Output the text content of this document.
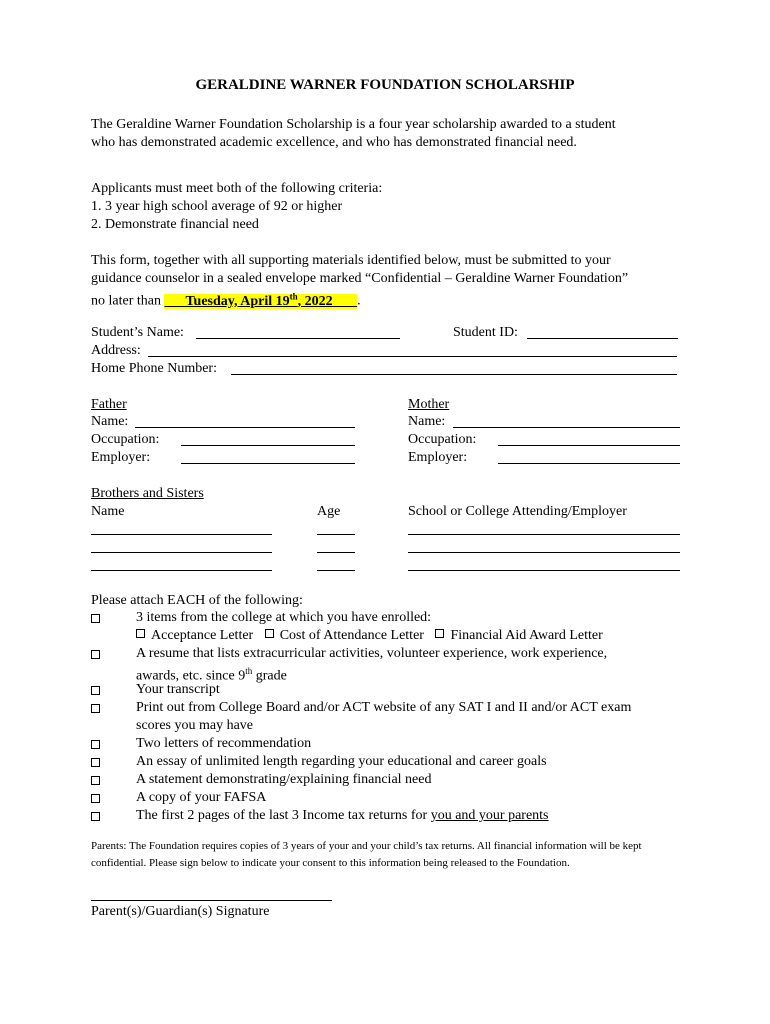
GERALDINE WARNER FOUNDATION SCHOLARSHIP
The Geraldine Warner Foundation Scholarship is a four year scholarship awarded to a student
who has demonstrated academic excellence, and who has demonstrated financial need.
Applicants must meet both of the following criteria:
1. 3 year high school average of 92 or higher
2. Demonstrate financial need
This form, together with all supporting materials identified below, must be submitted to your
guidance counselor in a sealed envelope marked “Confidential – Geraldine Warner Foundation”
no later than        Tuesday, April 19th, 2022        .
Student’s Name:	Student ID:
Address:
Home Phone Number:
Father
Name:
Occupation:
Employer:
Mother
Name:
Occupation:
Employer:
Brothers and Sisters
Name	Age	School or College Attending/Employer
Please attach EACH of the following:
3 items from the college at which you have enrolled:
Acceptance Letter Cost of Attendance Letter Financial Aid Award Letter
A resume that lists extracurricular activities, volunteer experience, work experience,
awards, etc. since 9th grade
Your transcript
Print out from College Board and/or ACT website of any SAT I and II and/or ACT exam
scores you may have
Two letters of recommendation
An essay of unlimited length regarding your educational and career goals
A statement demonstrating/explaining financial need
A copy of your FAFSA
The first 2 pages of the last 3 Income tax returns for you and your parents
Parents: The Foundation requires copies of 3 years of your and your child’s tax returns. All financial information will be kept confidential. Please sign below to indicate your consent to this information being released to the Foundation.
Parent(s)/Guardian(s) Signature
